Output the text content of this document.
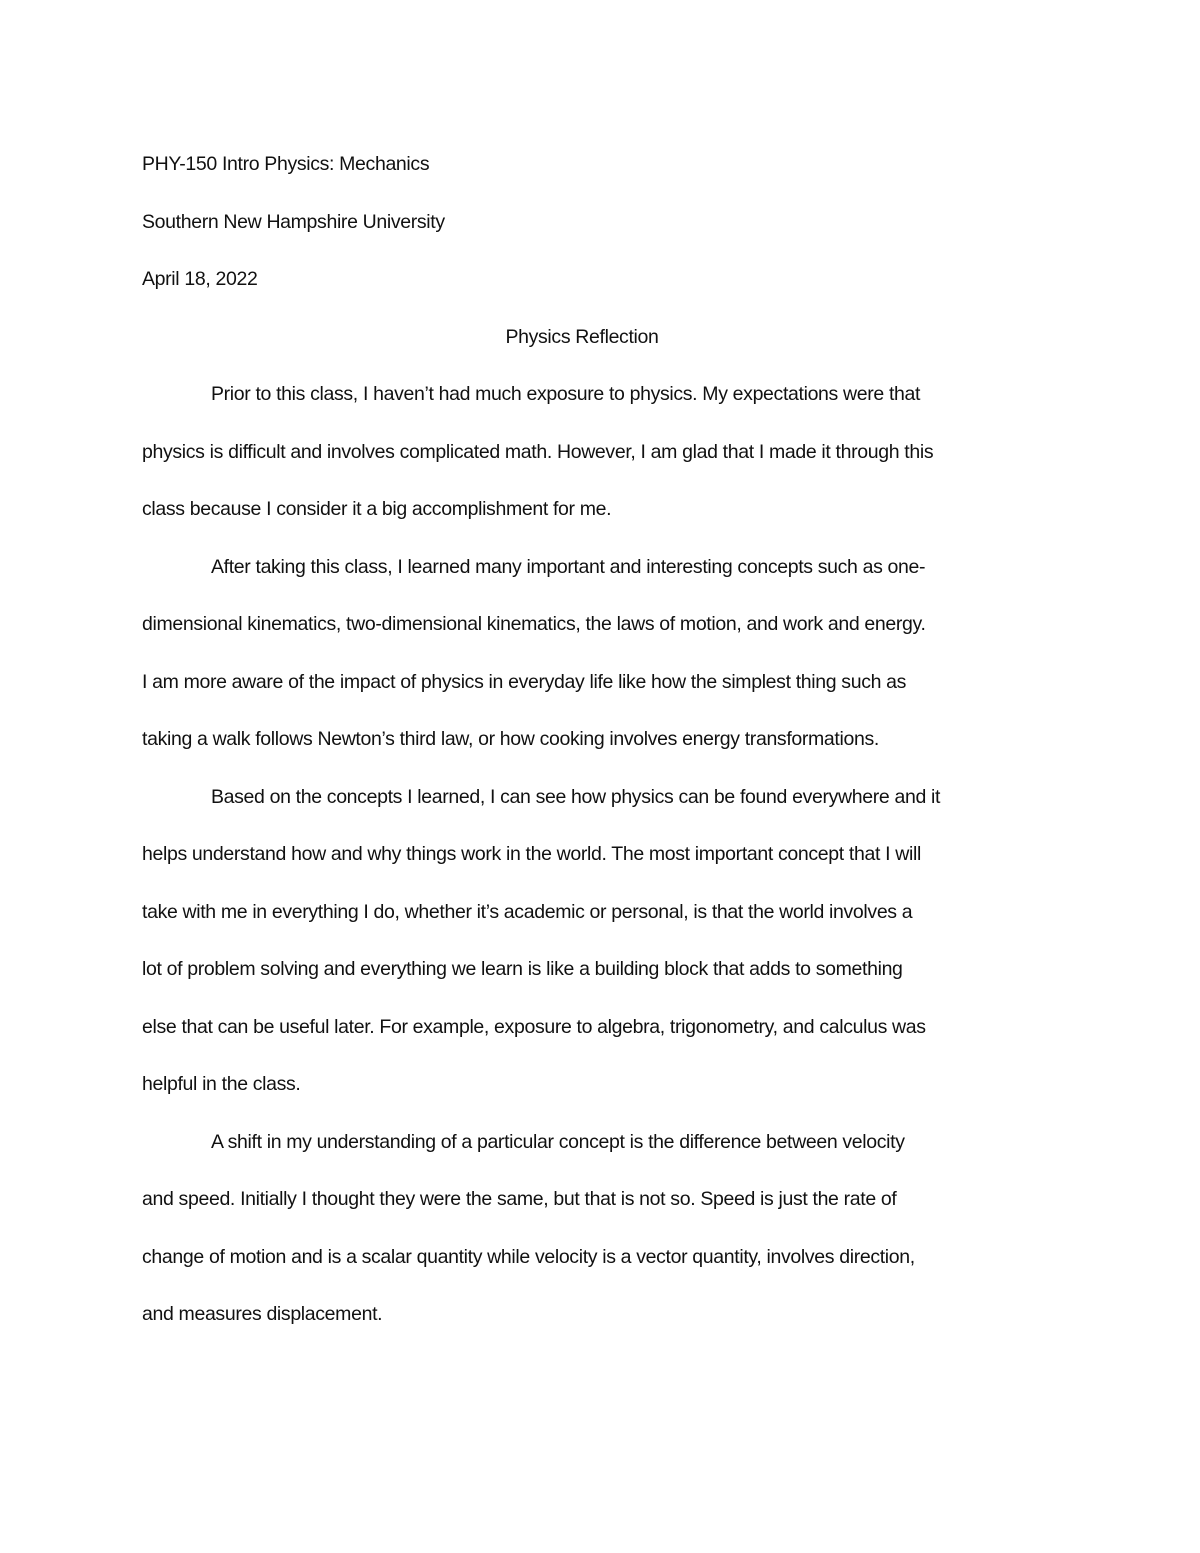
PHY-150 Intro Physics: Mechanics

Southern New Hampshire University

April 18, 2022

Physics Reflection

Prior to this class, I haven’t had much exposure to physics. My expectations were that
physics is difficult and involves complicated math. However, I am glad that I made it through this
class because I consider it a big accomplishment for me.
After taking this class, I learned many important and interesting concepts such as one-
dimensional kinematics, two-dimensional kinematics, the laws of motion, and work and energy.
I am more aware of the impact of physics in everyday life like how the simplest thing such as
taking a walk follows Newton’s third law, or how cooking involves energy transformations.
Based on the concepts I learned, I can see how physics can be found everywhere and it
helps understand how and why things work in the world. The most important concept that I will
take with me in everything I do, whether it’s academic or personal, is that the world involves a
lot of problem solving and everything we learn is like a building block that adds to something
else that can be useful later. For example, exposure to algebra, trigonometry, and calculus was
helpful in the class.
A shift in my understanding of a particular concept is the difference between velocity
and speed. Initially I thought they were the same, but that is not so. Speed is just the rate of
change of motion and is a scalar quantity while velocity is a vector quantity, involves direction,
and measures displacement.
